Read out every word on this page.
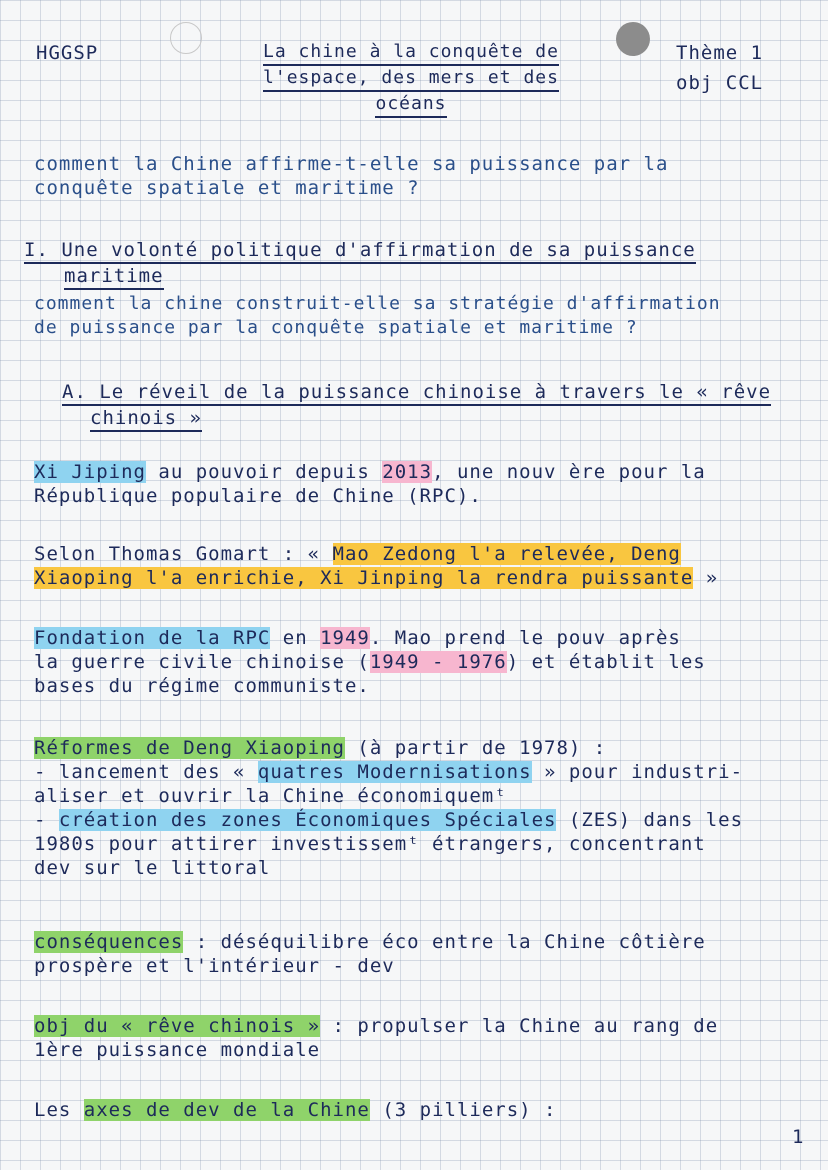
HGGSP	La chine à la conquête de
l'espace, des mers et des
océans
Thème 1
obj CCL
comment la Chine affirme-t-elle sa puissance par la
conquête spatiale et maritime ?
I. Une volonté politique d'affirmation de sa puissance
maritime
comment la chine construit-elle sa stratégie d'affirmation
de puissance par la conquête spatiale et maritime ?
A. Le réveil de la puissance chinoise à travers le « rêve
chinois »
Xi Jiping au pouvoir depuis 2013, une nouv ère pour la
République populaire de Chine (RPC).
Selon Thomas Gomart : « Mao Zedong l'a relevée, Deng
Xiaoping l'a enrichie, Xi Jinping la rendra puissante »
Fondation de la RPC en 1949. Mao prend le pouv après
la guerre civile chinoise (1949 - 1976) et établit les
bases du régime communiste.
Réformes de Deng Xiaoping (à partir de 1978) :
- lancement des « quatres Modernisations » pour industri-
aliser et ouvrir la Chine économiquemᵗ
- création des zones Économiques Spéciales (ZES) dans les
1980s pour attirer investissemᵗ étrangers, concentrant
dev sur le littoral
conséquences : déséquilibre éco entre la Chine côtière
prospère et l'intérieur - dev
obj du « rêve chinois » : propulser la Chine au rang de
1ère puissance mondiale
Les axes de dev de la Chine (3 pilliers) :
1
